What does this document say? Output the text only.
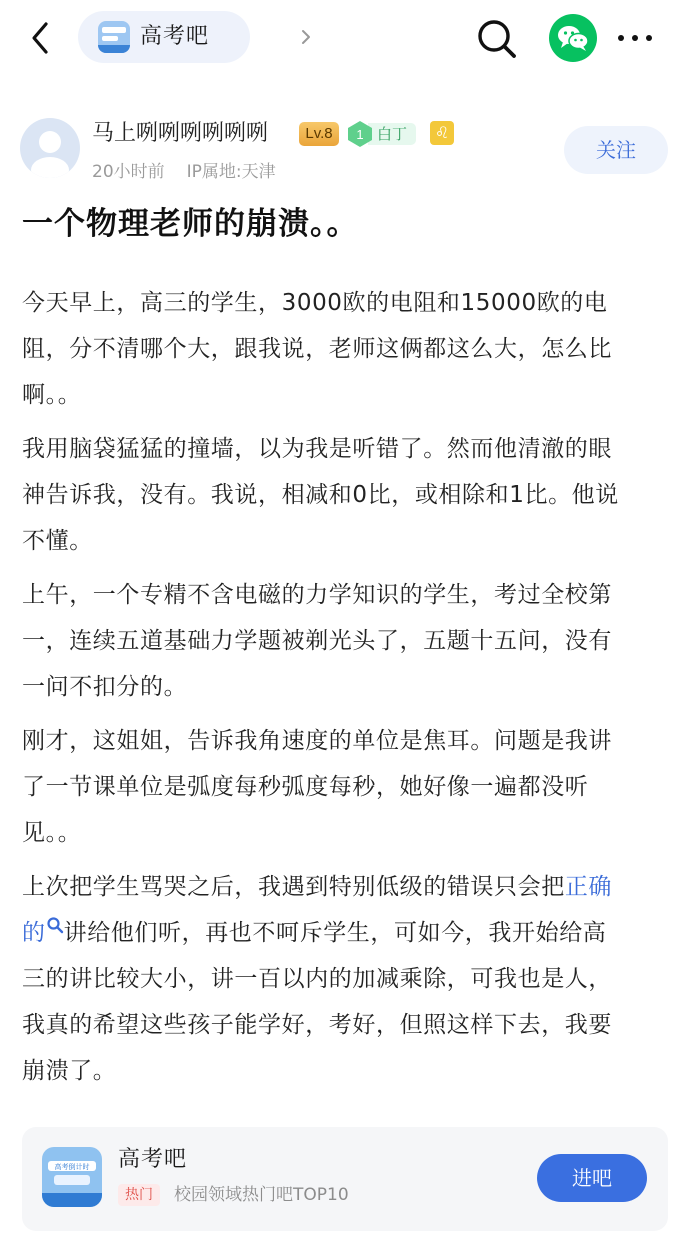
高考吧
马上咧咧咧咧咧咧	Lv.8	白丁
1	♌
20小时前 IP属地:天津
关注
一个物理老师的崩溃。。

今天早上，高三的学生，3000欧的电阻和15000欧的电
阻，分不清哪个大，跟我说，老师这俩都这么大，怎么比
啊。。

我用脑袋猛猛的撞墙，以为我是听错了。然而他清澈的眼
神告诉我，没有。我说，相减和0比，或相除和1比。他说
不懂。

上午，一个专精不含电磁的力学知识的学生，考过全校第
一，连续五道基础力学题被剃光头了，五题十五问，没有
一问不扣分的。

刚才，这姐姐，告诉我角速度的单位是焦耳。问题是我讲
了一节课单位是弧度每秒弧度每秒，她好像一遍都没听
见。。

上次把学生骂哭之后，我遇到特别低级的错误只会把正确
的 讲给他们听，再也不呵斥学生，可如今，我开始给高
三的讲比较大小，讲一百以内的加减乘除，可我也是人，
我真的希望这些孩子能学好，考好，但照这样下去，我要
崩溃了。

高考倒计时 高考吧
热门	校园领域热门吧TOP10
进吧
